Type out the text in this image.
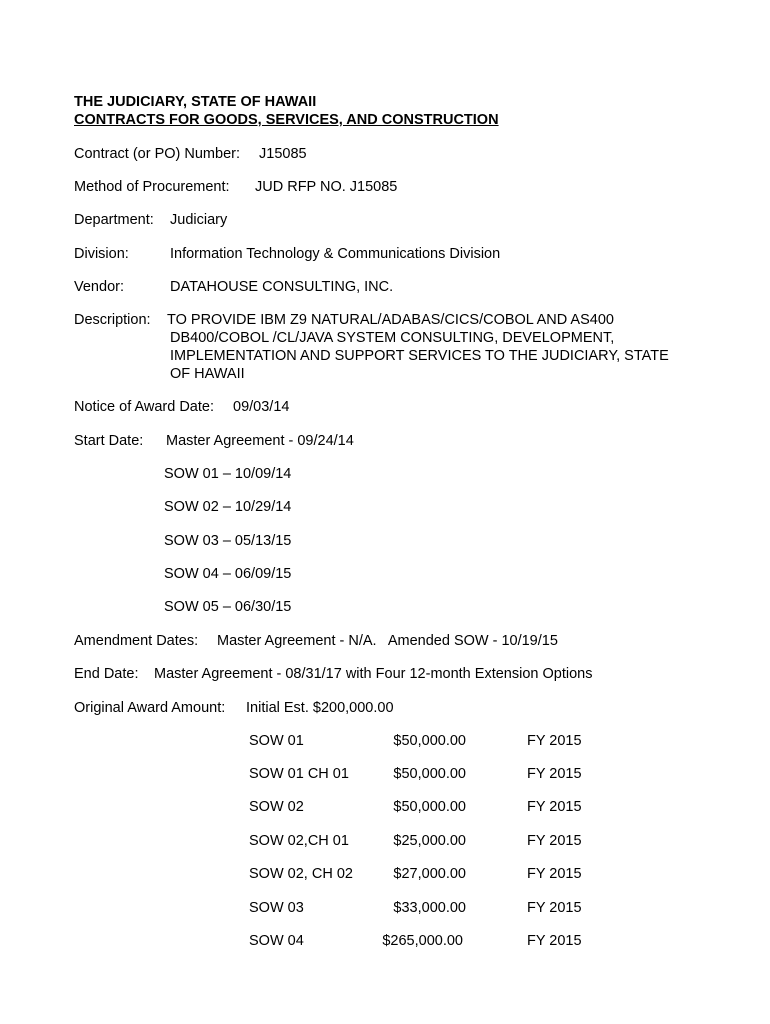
THE JUDICIARY, STATE OF HAWAII
CONTRACTS FOR GOODS, SERVICES, AND CONSTRUCTION
Contract (or PO) Number: J15085
Method of Procurement: JUD RFP NO. J15085
Department: Judiciary
Division:	Information Technology & Communications Division
Vendor:	DATAHOUSE CONSULTING, INC.
Description: TO PROVIDE IBM Z9 NATURAL/ADABAS/CICS/COBOL AND AS400
DB400/COBOL /CL/JAVA SYSTEM CONSULTING, DEVELOPMENT,
IMPLEMENTATION AND SUPPORT SERVICES TO THE JUDICIARY, STATE
OF HAWAII
Notice of Award Date: 09/03/14
Start Date: Master Agreement - 09/24/14
SOW 01 – 10/09/14
SOW 02 – 10/29/14
SOW 03 – 05/13/15
SOW 04 – 06/09/15
SOW 05 – 06/30/15
Amendment Dates: Master Agreement - N/A.   Amended SOW - 10/19/15
End Date: Master Agreement - 08/31/17 with Four 12-month Extension Options
Original Award Amount: Initial Est. $200,000.00
SOW 01	$50,000.00	FY 2015
SOW 01 CH 01	$50,000.00	FY 2015
SOW 02	$50,000.00	FY 2015
SOW 02,CH 01	$25,000.00	FY 2015
SOW 02, CH 02	$27,000.00	FY 2015
SOW 03	$33,000.00	FY 2015
SOW 04	$265,000.00	FY 2015
